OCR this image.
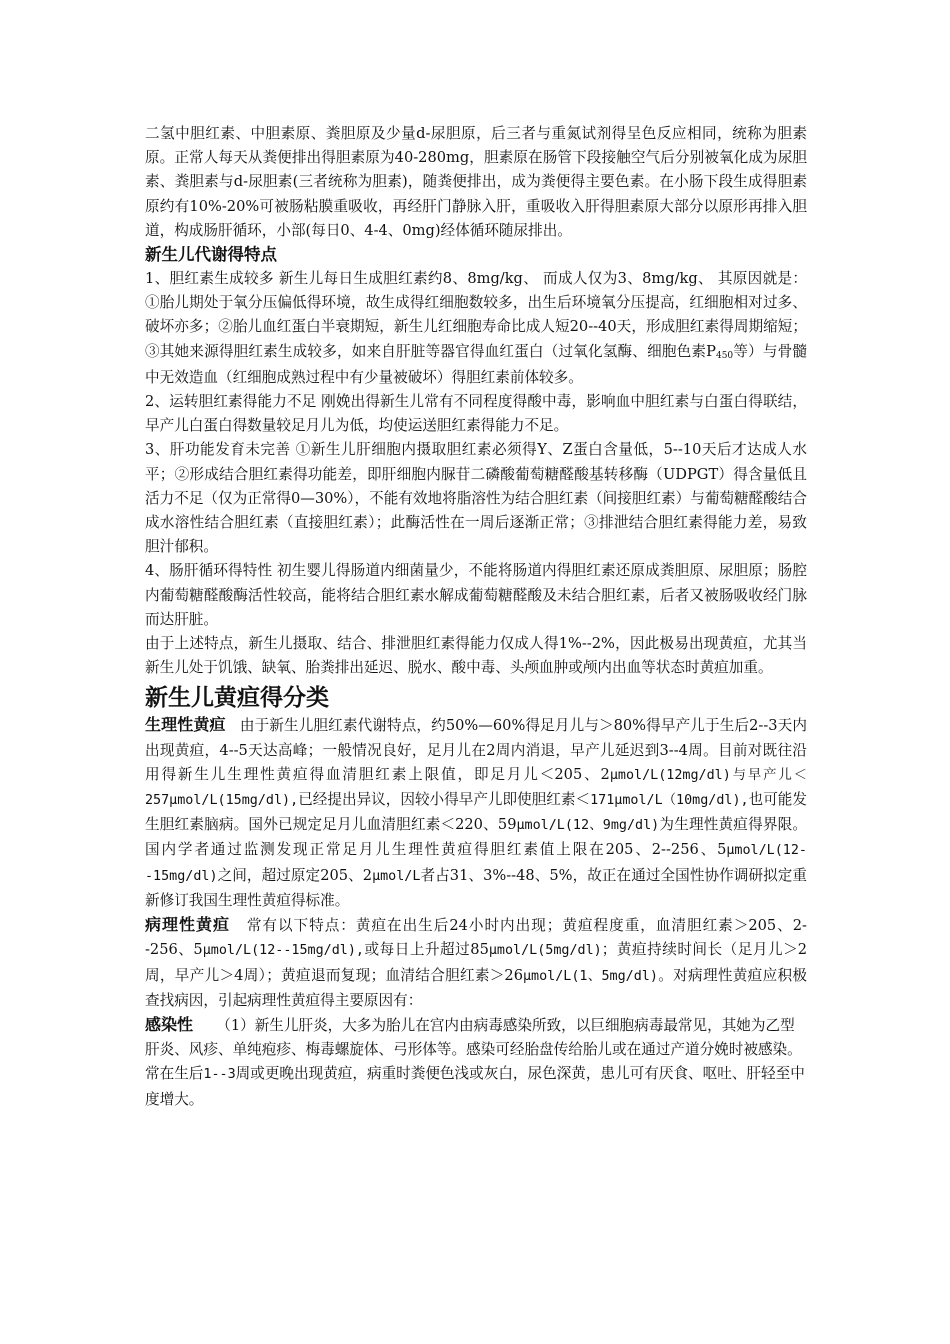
二氢中胆红素、中胆素原、粪胆原及少量d-尿胆原，后三者与重氮试剂得呈色反应相同，统称为胆素原。正常人每天从粪便排出得胆素原为40-280mg，胆素原在肠管下段接触空气后分别被氧化成为尿胆素、粪胆素与d-尿胆素(三者统称为胆素)，随粪便排出，成为粪便得主要色素。在小肠下段生成得胆素原约有10%-20%可被肠粘膜重吸收，再经肝门静脉入肝，重吸收入肝得胆素原大部分以原形再排入胆道，构成肠肝循环，小部(每日0、4-4、0mg)经体循环随尿排出。

新生儿代谢得特点

1、胆红素生成较多 新生儿每日生成胆红素约8、8mg/kg、 而成人仅为3、8mg/kg、 其原因就是：①胎儿期处于氧分压偏低得环境，故生成得红细胞数较多，出生后环境氧分压提高，红细胞相对过多、破坏亦多；②胎儿血红蛋白半衰期短，新生儿红细胞寿命比成人短20--40天，形成胆红素得周期缩短；③其她来源得胆红素生成较多，如来自肝脏等器官得血红蛋白（过氧化氢酶、细胞色素$P_{450}$等）与骨髓中无效造血（红细胞成熟过程中有少量被破坏）得胆红素前体较多。

2、运转胆红素得能力不足 刚娩出得新生儿常有不同程度得酸中毒，影响血中胆红素与白蛋白得联结，早产儿白蛋白得数量较足月儿为低，均使运送胆红素得能力不足。

3、肝功能发育未完善 ①新生儿肝细胞内摄取胆红素必须得Y、Z蛋白含量低，5--10天后才达成人水平；②形成结合胆红素得功能差，即肝细胞内脲苷二磷酸葡萄糖醛酸基转移酶（UDPGT）得含量低且活力不足（仅为正常得0—30%），不能有效地将脂溶性为结合胆红素（间接胆红素）与葡萄糖醛酸结合成水溶性结合胆红素（直接胆红素）；此酶活性在一周后逐渐正常；③排泄结合胆红素得能力差，易致胆汁郁积。

4、肠肝循环得特性 初生婴儿得肠道内细菌量少，不能将肠道内得胆红素还原成粪胆原、尿胆原；肠腔内葡萄糖醛酸酶活性较高，能将结合胆红素水解成葡萄糖醛酸及未结合胆红素，后者又被肠吸收经门脉而达肝脏。

由于上述特点，新生儿摄取、结合、排泄胆红素得能力仅成人得1%--2%，因此极易出现黄疸，尤其当新生儿处于饥饿、缺氧、胎粪排出延迟、脱水、酸中毒、头颅血肿或颅内出血等状态时黄疸加重。

新生儿黄疸得分类

生理性黄疸 由于新生儿胆红素代谢特点，约50%—60%得足月儿与＞80%得早产儿于生后2--3天内出现黄疸，4--5天达高峰；一般情况良好，足月儿在2周内消退，早产儿延迟到3--4周。目前对既往沿用得新生儿生理性黄疸得血清胆红素上限值，即足月儿＜205、2μmol/L(12mg/dl)与早产儿＜257μmol/L(15mg/dl),已经提出异议，因较小得早产儿即使胆红素＜171μmol/L（10mg/dl),也可能发生胆红素脑病。国外已规定足月儿血清胆红素＜220、59μmol/L(12、9mg/dl)为生理性黄疸得界限。国内学者通过监测发现正常足月儿生理性黄疸得胆红素值上限在205、2--256、5μmol/L(12--15mg/dl)之间，超过原定205、2μmol/L者占31、3%--48、5%，故正在通过全国性协作调研拟定重新修订我国生理性黄疸得标准。

病理性黄疸 常有以下特点：黄疸在出生后24小时内出现；黄疸程度重，血清胆红素＞205、2--256、5μmol/L(12--15mg/dl),或每日上升超过85μmol/L(5mg/dl)；黄疸持续时间长（足月儿＞2周，早产儿＞4周）；黄疸退而复现；血清结合胆红素＞26μmol/L(1、5mg/dl)。对病理性黄疸应积极查找病因，引起病理性黄疸得主要原因有：

感染性 （1）新生儿肝炎，大多为胎儿在宫内由病毒感染所致，以巨细胞病毒最常见，其她为乙型肝炎、风疹、单纯疱疹、梅毒螺旋体、弓形体等。感染可经胎盘传给胎儿或在通过产道分娩时被感染。常在生后1--3周或更晚出现黄疸，病重时粪便色浅或灰白，尿色深黄，患儿可有厌食、呕吐、肝轻至中度增大。
